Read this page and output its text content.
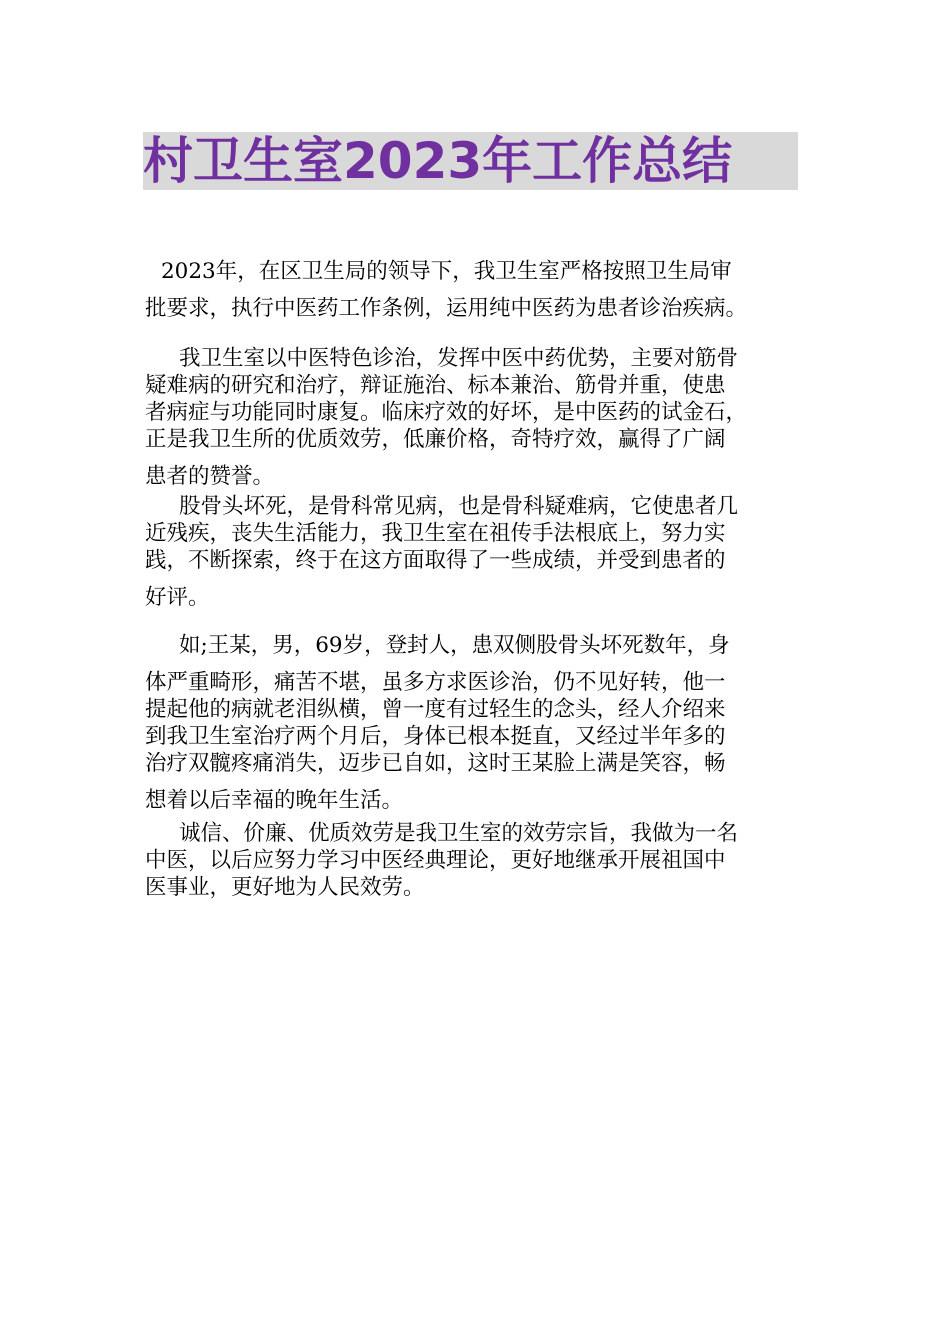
村卫生室2023年工作总结
2023年，在区卫生局的领导下，我卫生室严格按照卫生局审
批要求，执行中医药工作条例，运用纯中医药为患者诊治疾病。
我卫生室以中医特色诊治，发挥中医中药优势，主要对筋骨
疑难病的研究和治疗，辩证施治、标本兼治、筋骨并重，使患
者病症与功能同时康复。临床疗效的好坏，是中医药的试金石，
正是我卫生所的优质效劳，低廉价格，奇特疗效，赢得了广阔
患者的赞誉。
股骨头坏死，是骨科常见病，也是骨科疑难病，它使患者几
近残疾，丧失生活能力，我卫生室在祖传手法根底上，努力实
践，不断探索，终于在这方面取得了一些成绩，并受到患者的
好评。
如;王某，男，69岁，登封人，患双侧股骨头坏死数年，身
体严重畸形，痛苦不堪，虽多方求医诊治，仍不见好转，他一
提起他的病就老泪纵横，曾一度有过轻生的念头，经人介绍来
到我卫生室治疗两个月后，身体已根本挺直，又经过半年多的
治疗双髋疼痛消失，迈步已自如，这时王某脸上满是笑容，畅
想着以后幸福的晚年生活。
诚信、价廉、优质效劳是我卫生室的效劳宗旨，我做为一名
中医，以后应努力学习中医经典理论，更好地继承开展祖国中
医事业，更好地为人民效劳。
